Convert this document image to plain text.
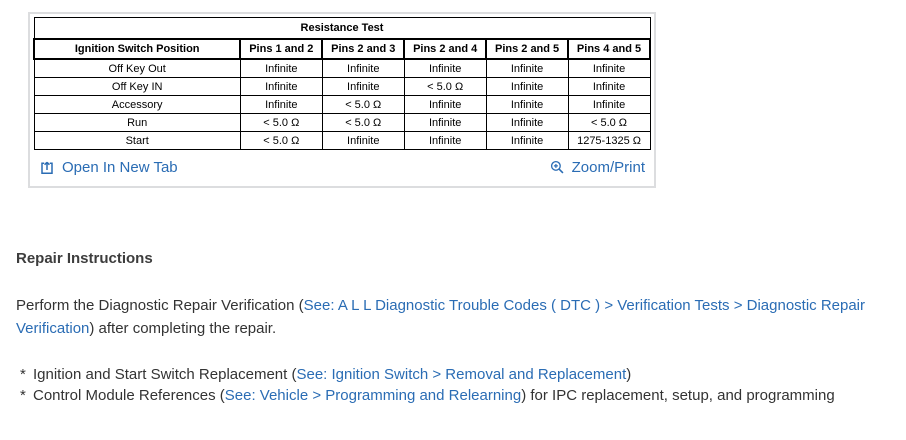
Resistance Test					
Ignition Switch Position	Pins 1 and 2	Pins 2 and 3	Pins 2 and 4	Pins 2 and 5	Pins 4 and 5
Off Key Out	Infinite	Infinite	Infinite	Infinite	Infinite
Off Key IN	Infinite	Infinite	< 5.0 Ω	Infinite	Infinite
Accessory	Infinite	< 5.0 Ω	Infinite	Infinite	Infinite
Run	< 5.0 Ω	< 5.0 Ω	Infinite	Infinite	< 5.0 Ω
Start	< 5.0 Ω	Infinite	Infinite	Infinite	1275-1325 Ω
Open In New Tab	Zoom/Print
Repair Instructions
Perform the Diagnostic Repair Verification (See: A L L Diagnostic Trouble Codes ( DTC ) > Verification Tests > Diagnostic Repair Verification) after completing the repair.
* Ignition and Start Switch Replacement (See: Ignition Switch > Removal and Replacement)
* Control Module References (See: Vehicle > Programming and Relearning) for IPC replacement, setup, and programming
